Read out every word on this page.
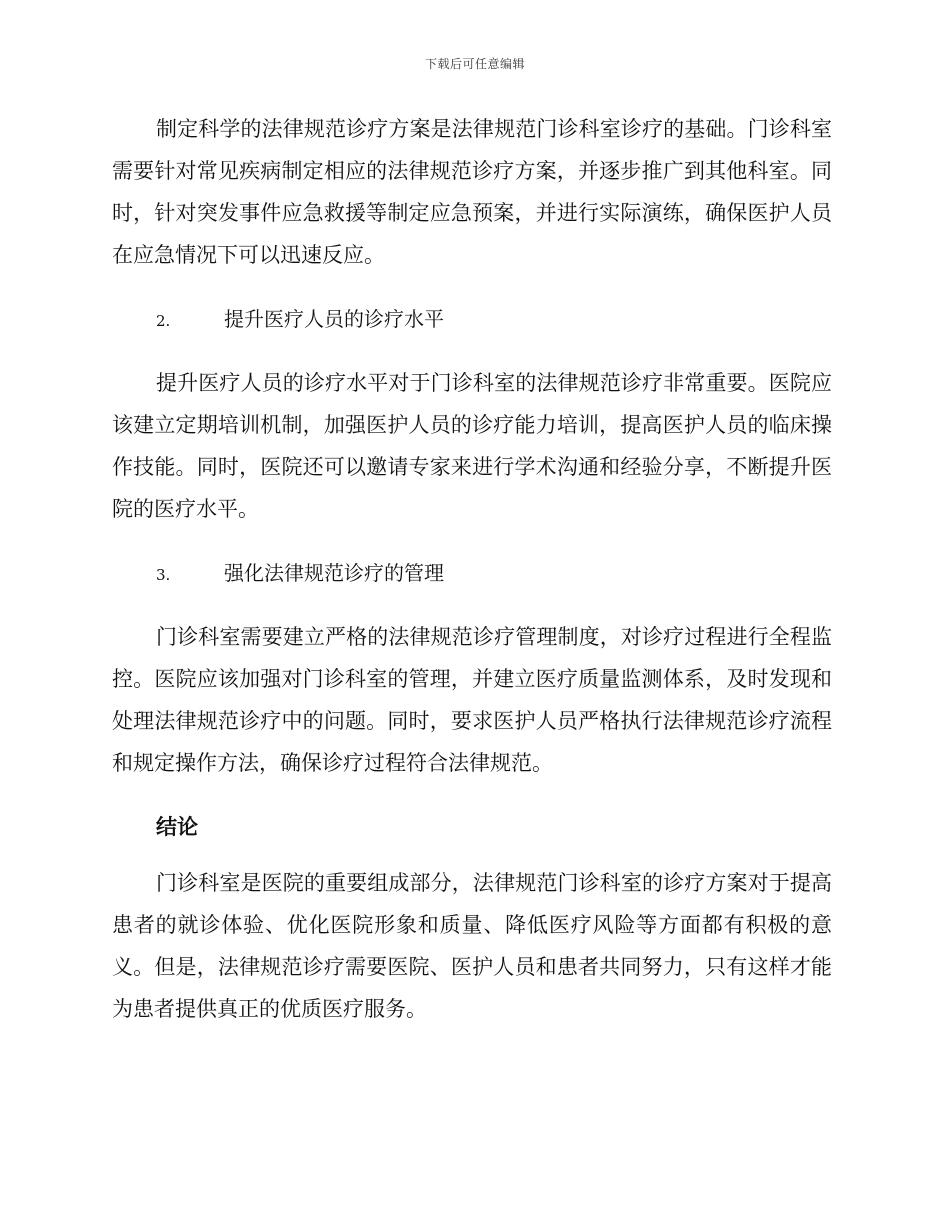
下载后可任意编辑

制定科学的法律规范诊疗方案是法律规范门诊科室诊疗的基础。门诊科室需要针对常见疾病制定相应的法律规范诊疗方案，并逐步推广到其他科室。同时，针对突发事件应急救援等制定应急预案，并进行实际演练，确保医护人员在应急情况下可以迅速反应。

2.	提升医疗人员的诊疗水平

提升医疗人员的诊疗水平对于门诊科室的法律规范诊疗非常重要。医院应该建立定期培训机制，加强医护人员的诊疗能力培训，提高医护人员的临床操作技能。同时，医院还可以邀请专家来进行学术沟通和经验分享，不断提升医院的医疗水平。

3.	强化法律规范诊疗的管理

门诊科室需要建立严格的法律规范诊疗管理制度，对诊疗过程进行全程监控。医院应该加强对门诊科室的管理，并建立医疗质量监测体系，及时发现和处理法律规范诊疗中的问题。同时，要求医护人员严格执行法律规范诊疗流程和规定操作方法，确保诊疗过程符合法律规范。

结论

门诊科室是医院的重要组成部分，法律规范门诊科室的诊疗方案对于提高患者的就诊体验、优化医院形象和质量、降低医疗风险等方面都有积极的意义。但是，法律规范诊疗需要医院、医护人员和患者共同努力，只有这样才能为患者提供真正的优质医疗服务。
